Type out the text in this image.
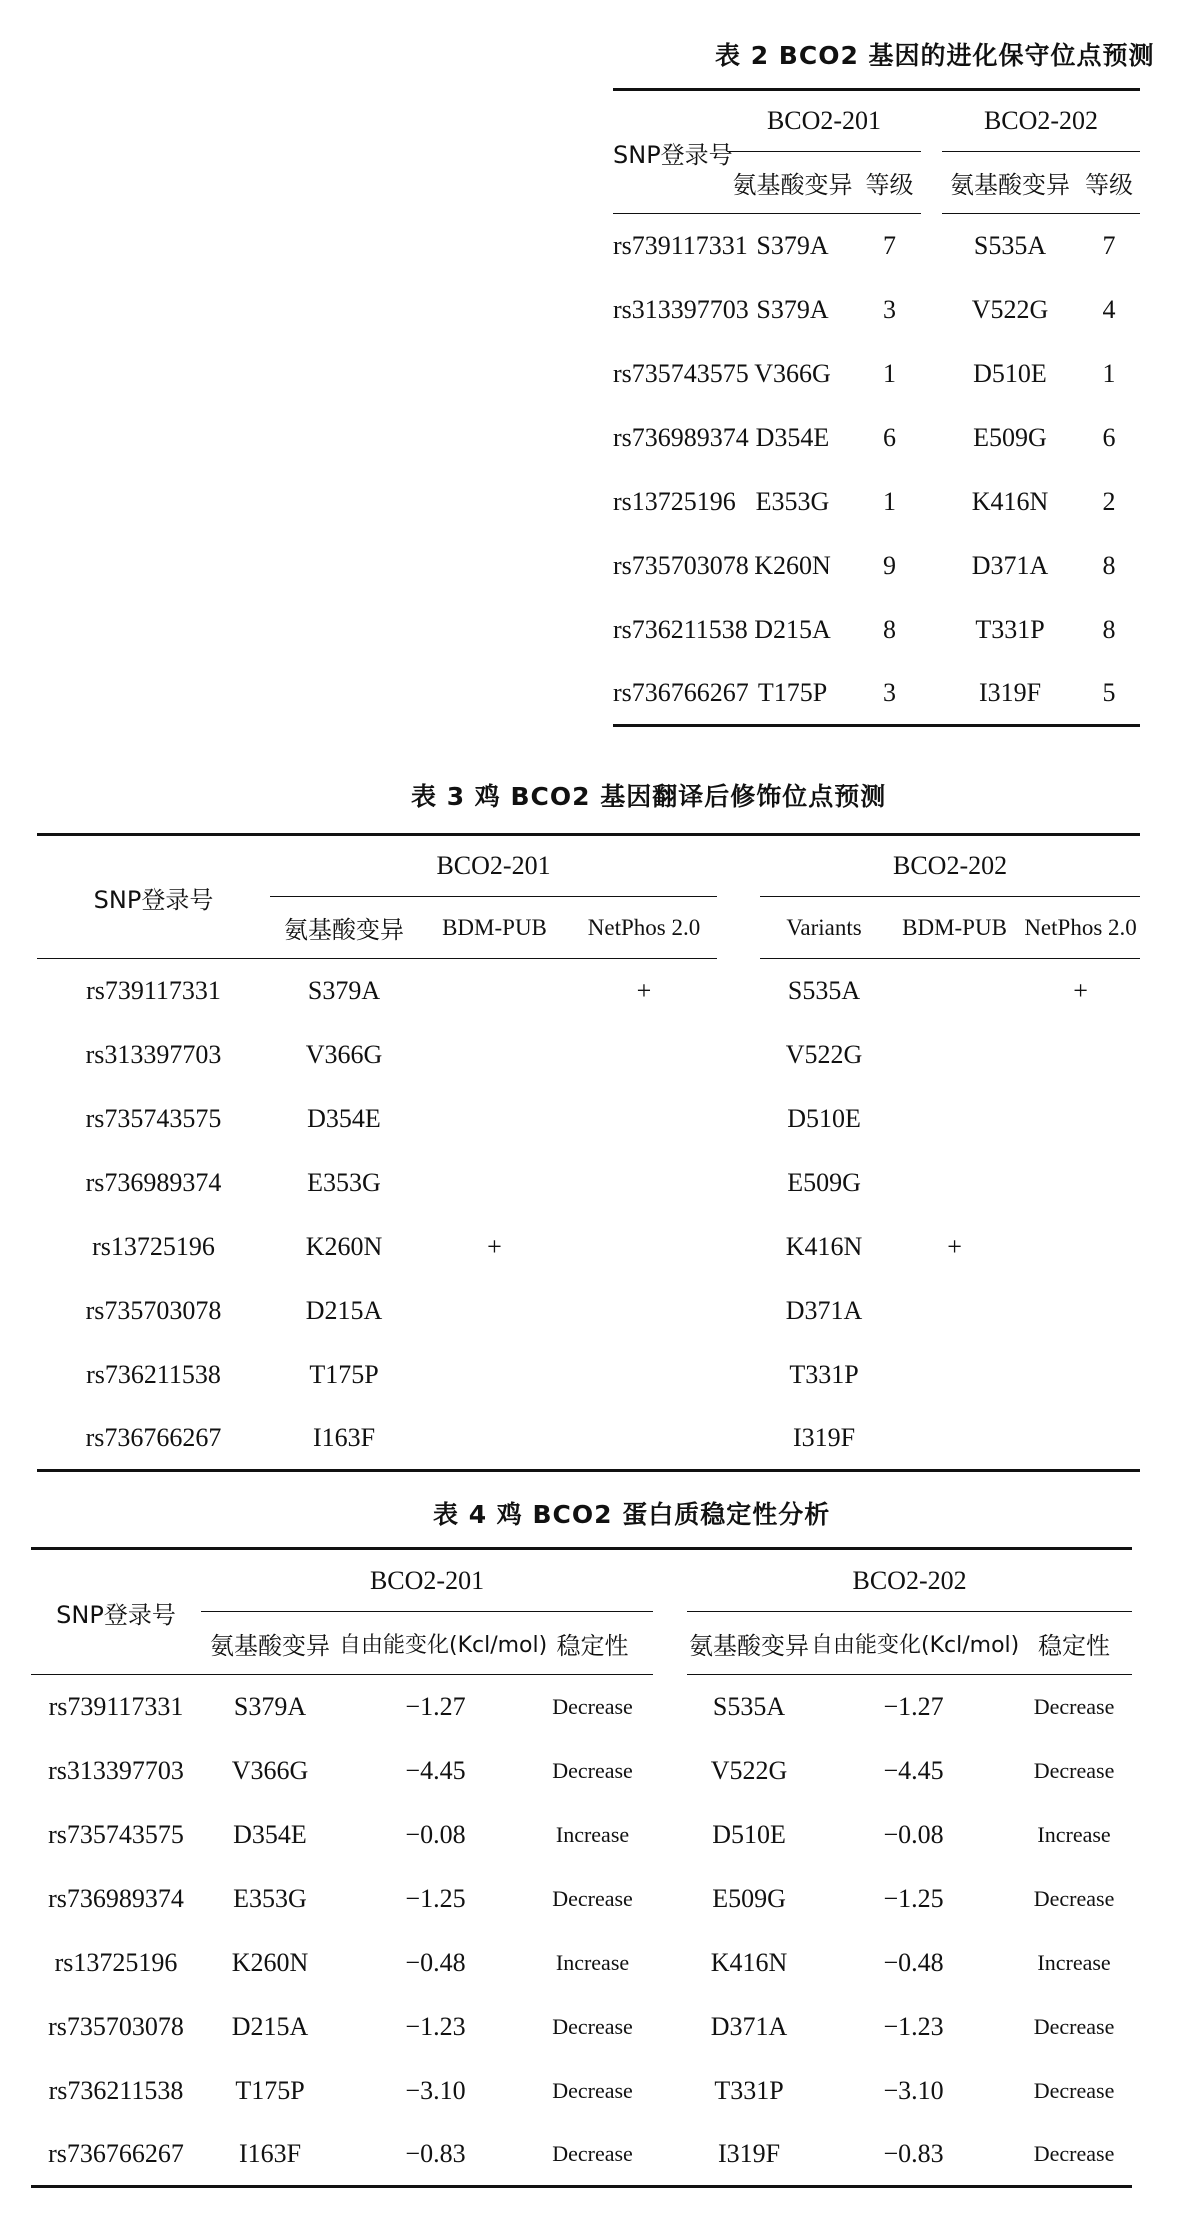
表 2 BCO2 基因的进化保守位点预测
SNP登录号	BCO2-201			BCO2-202	
	氨基酸变异	等级		氨基酸变异	等级
rs739117331	S379A	7		S535A	7
rs313397703	S379A	3		V522G	4
rs735743575	V366G	1		D510E	1
rs736989374	D354E	6		E509G	6
rs13725196	E353G	1		K416N	2
rs735703078	K260N	9		D371A	8
rs736211538	D215A	8		T331P	8
rs736766267	T175P	3		I319F	5
表 3 鸡 BCO2 基因翻译后修饰位点预测
SNP登录号	BCO2-201				BCO2-202		
	氨基酸变异	BDM-PUB	NetPhos 2.0		Variants	BDM-PUB	NetPhos 2.0
rs739117331	S379A		+		S535A		+
rs313397703	V366G				V522G		
rs735743575	D354E				D510E		
rs736989374	E353G				E509G		
rs13725196	K260N	+			K416N	+	
rs735703078	D215A				D371A		
rs736211538	T175P				T331P		
rs736766267	I163F				I319F		
表 4 鸡 BCO2 蛋白质稳定性分析
SNP登录号	BCO2-201				BCO2-202		
	氨基酸变异	自由能变化(Kcl/mol)	稳定性		氨基酸变异	自由能变化(Kcl/mol)	稳定性
rs739117331	S379A	−1.27	Decrease		S535A	−1.27	Decrease
rs313397703	V366G	−4.45	Decrease		V522G	−4.45	Decrease
rs735743575	D354E	−0.08	Increase		D510E	−0.08	Increase
rs736989374	E353G	−1.25	Decrease		E509G	−1.25	Decrease
rs13725196	K260N	−0.48	Increase		K416N	−0.48	Increase
rs735703078	D215A	−1.23	Decrease		D371A	−1.23	Decrease
rs736211538	T175P	−3.10	Decrease		T331P	−3.10	Decrease
rs736766267	I163F	−0.83	Decrease		I319F	−0.83	Decrease
